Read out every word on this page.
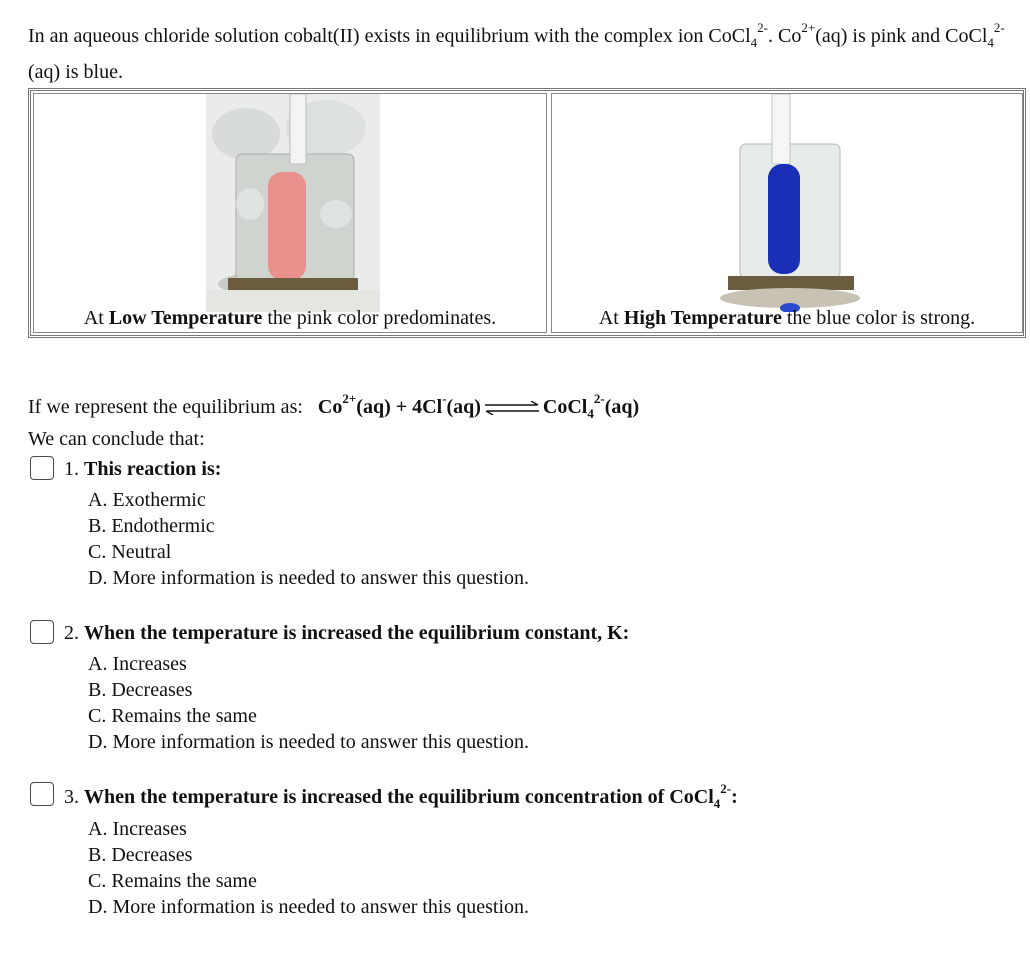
In an aqueous chloride solution cobalt(II) exists in equilibrium with the complex ion CoCl$_4^{2-}$. $Co^{2+}(aq)$ is pink and CoCl$_4^{2-}$(aq) is blue.
At Low Temperature the pink color predominates.	At High Temperature the blue color is strong.
If we represent the equilibrium as: $Co^{2+}(aq) + 4Cl^-(aq)$ ⇌ CoCl$_4^{2-}$(aq)
We can conclude that:
1. This reaction is:
A. Exothermic
B. Endothermic
C. Neutral
D. More information is needed to answer this question.
2. When the temperature is increased the equilibrium constant, K:
A. Increases
B. Decreases
C. Remains the same
D. More information is needed to answer this question.
3. When the temperature is increased the equilibrium concentration of CoCl$_4^{2-}$:
A. Increases
B. Decreases
C. Remains the same
D. More information is needed to answer this question.
